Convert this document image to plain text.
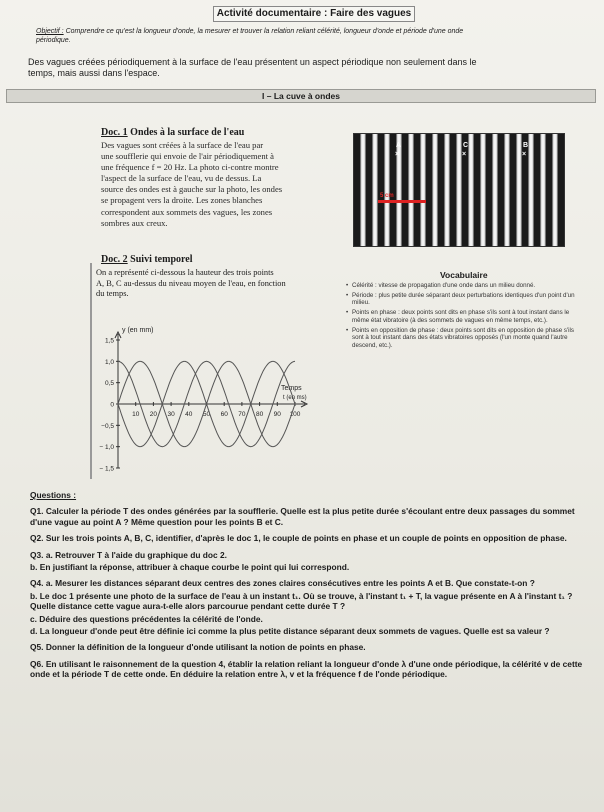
Activité documentaire : Faire des vagues
Objectif : Comprendre ce qu'est la longueur d'onde, la mesurer et trouver la relation reliant célérité, longueur d'onde et période d'une onde
périodique.
Des vagues créées périodiquement à la surface de l'eau présentent un aspect périodique non seulement dans le
temps, mais aussi dans l'espace.
I – La cuve à ondes
Doc. 1 Ondes à la surface de l'eau
Des vagues sont créées à la surface de l'eau par
une soufflerie qui envoie de l'air périodiquement à
une fréquence f = 20 Hz. La photo ci-contre montre
l'aspect de la surface de l'eau, vu de dessus. La
source des ondes est à gauche sur la photo, les ondes
se propagent vers la droite. Les zones blanches
correspondent aux sommets des vagues, les zones
sombres aux creux.
A
×
C
×
B
×
5 cm
Doc. 2 Suivi temporel
On a représenté ci-dessous la hauteur des trois points
A, B, C au-dessus du niveau moyen de l'eau, en fonction
du temps.
Vocabulaire
• Célérité : vitesse de propagation d'une onde dans un milieu donné.
• Période : plus petite durée séparant deux perturbations identiques d'un point d'un milieu.
• Points en phase : deux points sont dits en phase s'ils sont à tout instant dans le même état vibratoire (à des sommets de vagues en même temps, etc.).
• Points en opposition de phase : deux points sont dits en opposition de phase s'ils sont à tout instant dans des états vibratoires opposés (l'un monte quand l'autre descend, etc.).
y (en mm)
Temps
t (en ms)
1,5
1,0
0,5
0
−0,5
− 1,0
− 1,5
10 20 30 40 50 60 70 80 90 100
Questions :
Q1. Calculer la période T des ondes générées par la soufflerie. Quelle est la plus petite durée s'écoulant entre deux passages du sommet d'une vague au point A ? Même question pour les points B et C.
Q2. Sur les trois points A, B, C, identifier, d'après le doc 1, le couple de points en phase et un couple de points en opposition de phase.
Q3. a. Retrouver T à l'aide du graphique du doc 2.
b. En justifiant la réponse, attribuer à chaque courbe le point qui lui correspond.
Q4. a. Mesurer les distances séparant deux centres des zones claires consécutives entre les points A et B. Que constate-t-on ?
b. Le doc 1 présente une photo de la surface de l'eau à un instant t₁. Où se trouve, à l'instant t₁ + T, la vague présente en A à l'instant t₁ ? Quelle distance cette vague aura-t-elle alors parcourue pendant cette durée T ?
c. Déduire des questions précédentes la célérité de l'onde.
d. La longueur d'onde peut être définie ici comme la plus petite distance séparant deux sommets de vagues. Quelle est sa valeur ?
Q5. Donner la définition de la longueur d'onde utilisant la notion de points en phase.
Q6. En utilisant le raisonnement de la question 4, établir la relation reliant la longueur d'onde λ d'une onde périodique, la célérité v de cette onde et la période T de cette onde. En déduire la relation entre λ, v et la fréquence f de l'onde périodique.
